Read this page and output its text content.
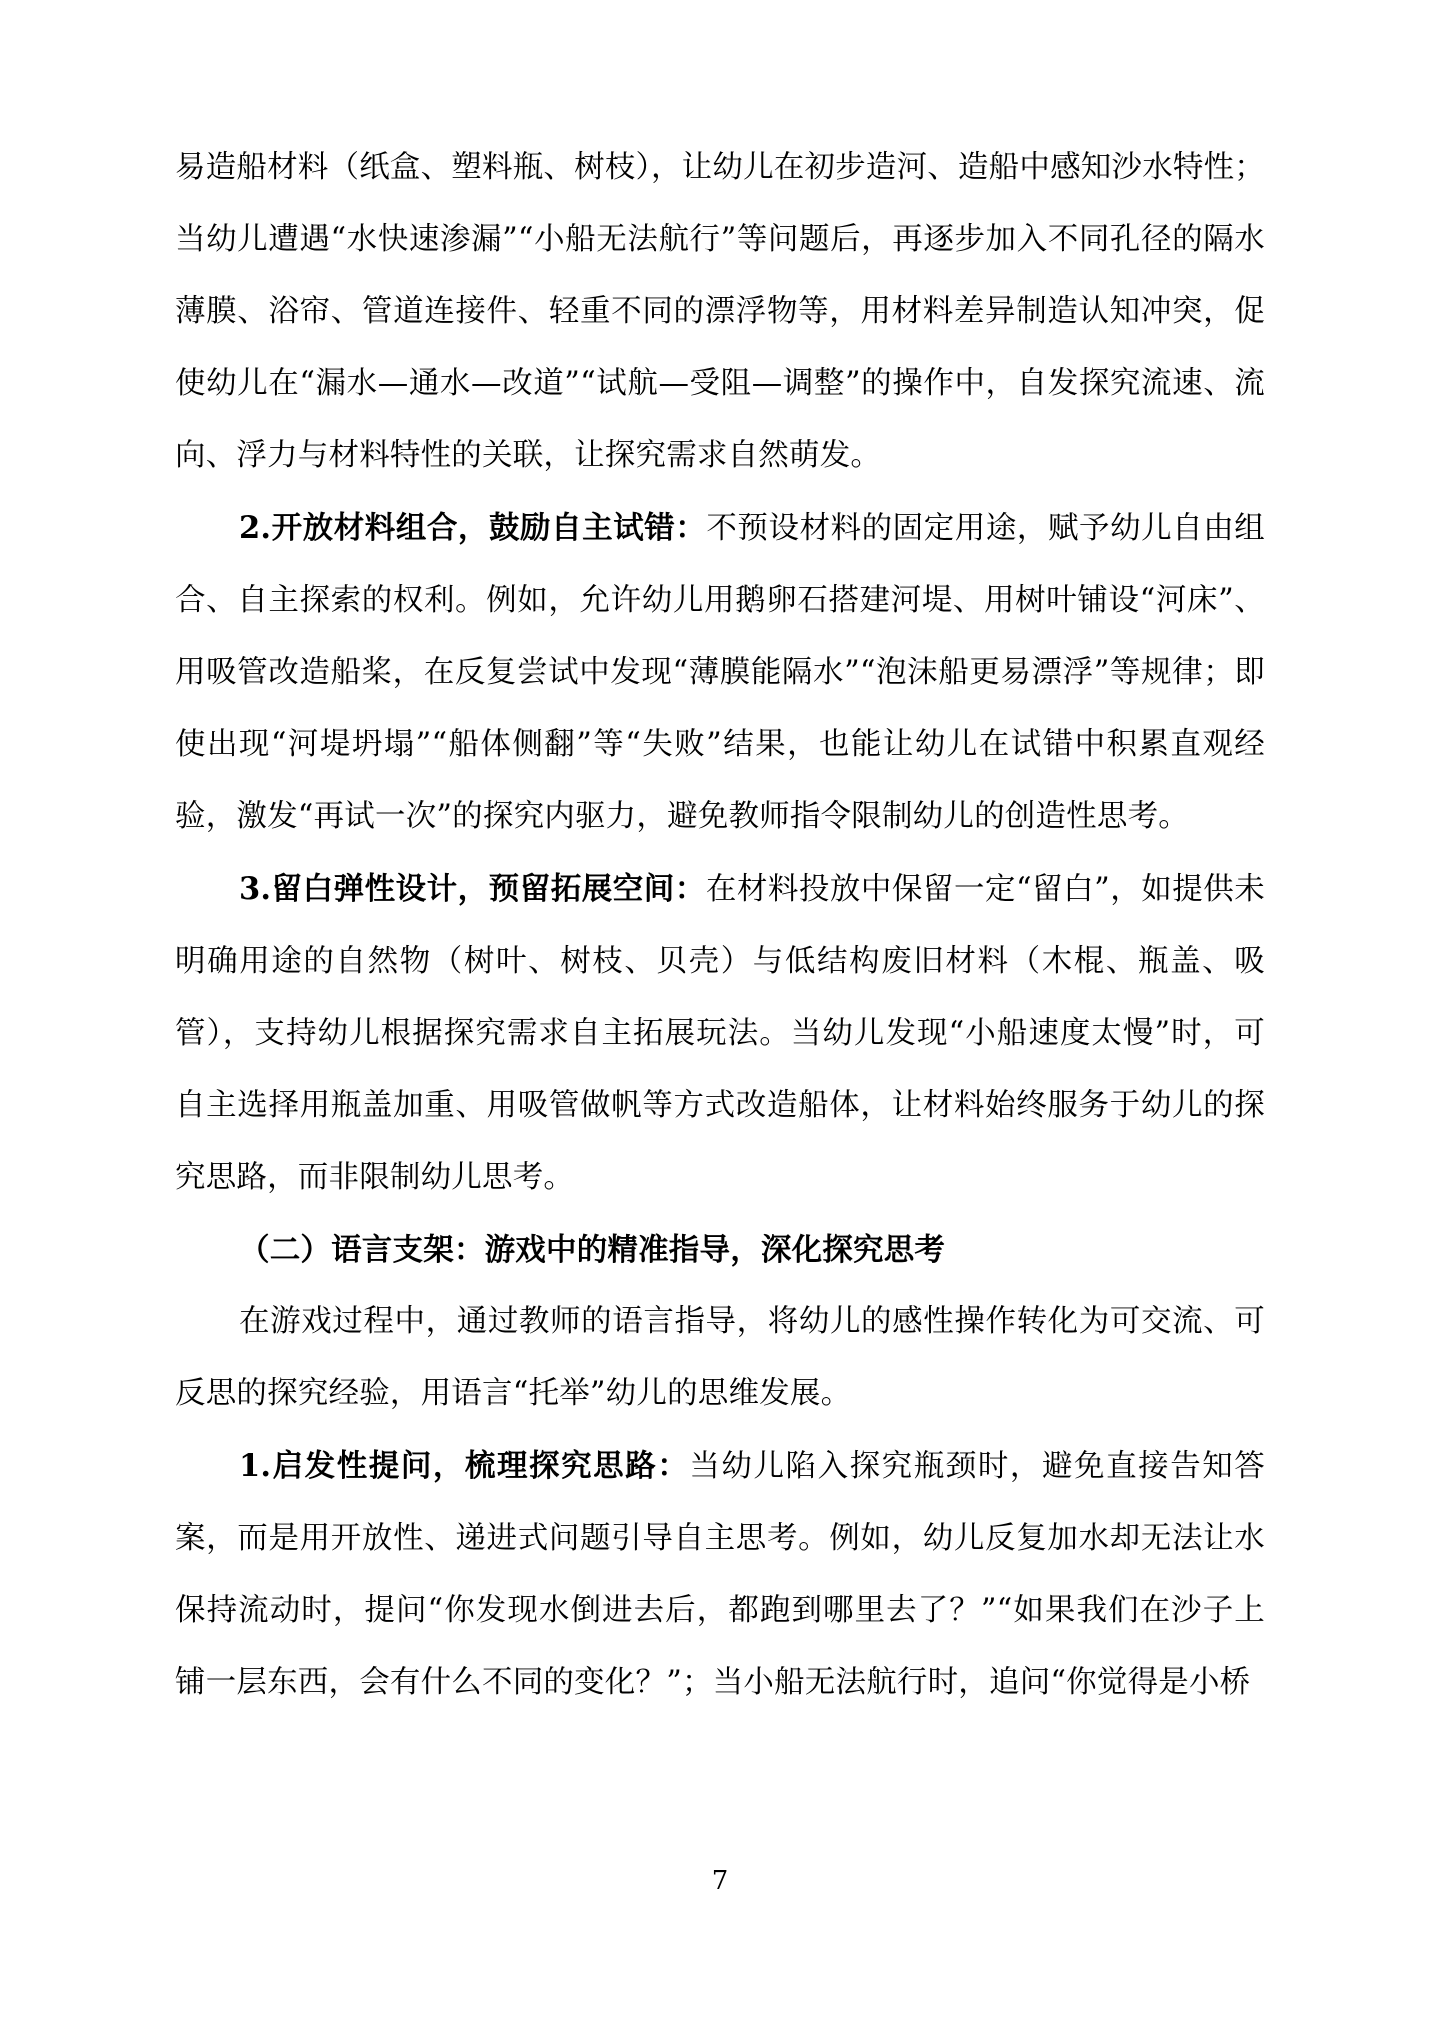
易造船材料（纸盒、塑料瓶、树枝），让幼儿在初步造河、造船中感知沙水特性；当幼儿遭遇“水快速渗漏”“小船无法航行”等问题后，再逐步加入不同孔径的隔水薄膜、浴帘、管道连接件、轻重不同的漂浮物等，用材料差异制造认知冲突，促使幼儿在“漏水—通水—改道”“试航—受阻—调整”的操作中，自发探究流速、流向、浮力与材料特性的关联，让探究需求自然萌发。

2.开放材料组合，鼓励自主试错：不预设材料的固定用途，赋予幼儿自由组合、自主探索的权利。例如，允许幼儿用鹅卵石搭建河堤、用树叶铺设“河床”、用吸管改造船桨，在反复尝试中发现“薄膜能隔水”“泡沫船更易漂浮”等规律；即使出现“河堤坍塌”“船体侧翻”等“失败”结果，也能让幼儿在试错中积累直观经验，激发“再试一次”的探究内驱力，避免教师指令限制幼儿的创造性思考。

3.留白弹性设计，预留拓展空间：在材料投放中保留一定“留白”，如提供未明确用途的自然物（树叶、树枝、贝壳）与低结构废旧材料（木棍、瓶盖、吸管），支持幼儿根据探究需求自主拓展玩法。当幼儿发现“小船速度太慢”时，可自主选择用瓶盖加重、用吸管做帆等方式改造船体，让材料始终服务于幼儿的探究思路，而非限制幼儿思考。

（二）语言支架：游戏中的精准指导，深化探究思考

在游戏过程中，通过教师的语言指导，将幼儿的感性操作转化为可交流、可反思的探究经验，用语言“托举”幼儿的思维发展。

1.启发性提问，梳理探究思路：当幼儿陷入探究瓶颈时，避免直接告知答案，而是用开放性、递进式问题引导自主思考。例如，幼儿反复加水却无法让水保持流动时，提问“你发现水倒进去后，都跑到哪里去了？”“如果我们在沙子上铺一层东西，会有什么不同的变化？”；当小船无法航行时，追问“你觉得是小桥

7
